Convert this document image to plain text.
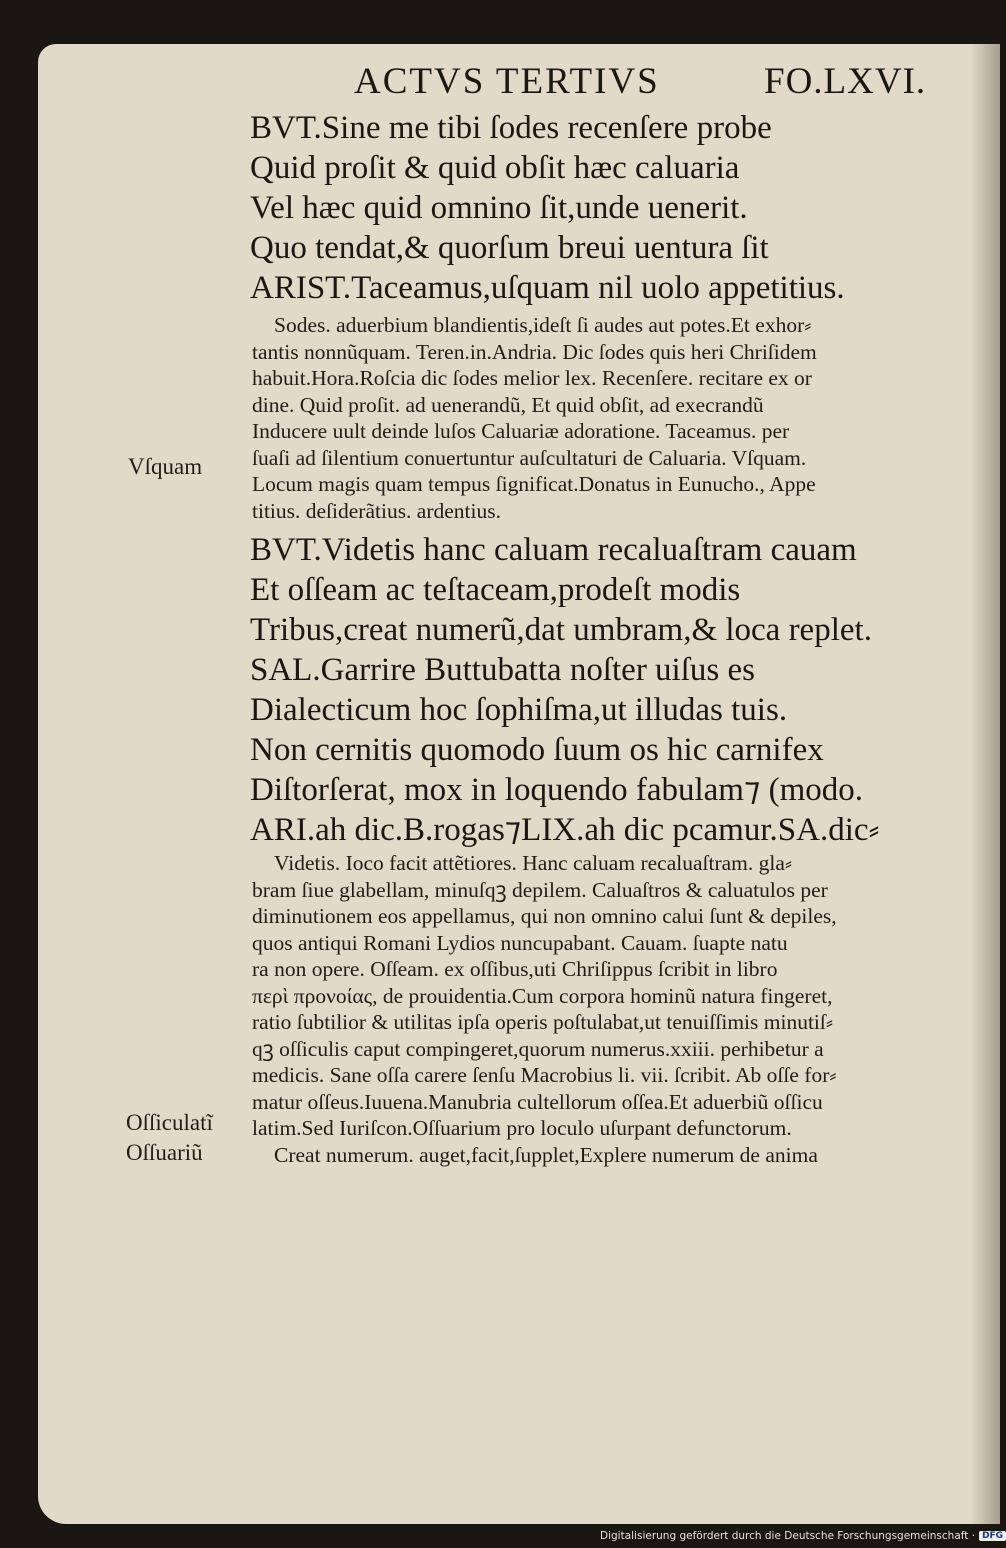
ACTVS TERTIVS	FO.LXVI.
BVT.Sine me tibi ſodes recenſere probe
Quid proſit & quid obſit hæc caluaria
Vel hæc quid omnino ſit,unde uenerit.
Quo tendat,& quorſum breui uentura ſit
ARIST.Taceamus,uſquam nil uolo appetitius.
Sodes. aduerbium blandientis,ideſt ſi audes aut potes.Et exhor⸗
tantis nonnũquam. Teren.in.Andria. Dic ſodes quis heri Chriſidem
habuit.Hora.Roſcia dic ſodes melior lex. Recenſere. recitare ex or
dine. Quid proſit. ad uenerandũ, Et quid obſit, ad execrandũ
Inducere uult deinde luſos Caluariæ adoratione. Taceamus. per
ſuaſi ad ſilentium conuertuntur auſcultaturi de Caluaria. Vſquam.
Locum magis quam tempus ſignificat.Donatus in Eunucho., Appe
titius. deſiderãtius. ardentius.
Vſquam
BVT.Videtis hanc caluam recaluaſtram cauam
Et oſſeam ac teſtaceam,prodeſt modis
Tribus,creat numerũ,dat umbram,& loca replet.
SAL.Garrire Buttubatta noſter uiſus es
Dialecticum hoc ſophiſma,ut illudas tuis.
Non cernitis quomodo ſuum os hic carnifex
Diſtorſerat, mox in loquendo fabulam⁊ (modo.
ARI.ah dic.B.rogas⁊LIX.ah dic pcamur.SA.dic⸗
Videtis. Ioco facit attẽtiores. Hanc caluam recaluaſtram. gla⸗
bram ſiue glabellam, minuſqꝫ depilem. Caluaſtros & caluatulos per
diminutionem eos appellamus, qui non omnino calui ſunt & depiles,
quos antiqui Romani Lydios nuncupabant. Cauam. ſuapte natu
ra non opere. Oſſeam. ex oſſibus,uti Chriſippus ſcribit in libro
περὶ προνοίας, de prouidentia.Cum corpora hominũ natura fingeret,
ratio ſubtilior & utilitas ipſa operis poſtulabat,ut tenuiſſimis minutiſ⸗
qꝫ oſſiculis caput compingeret,quorum numerus.xxiii. perhibetur a
medicis. Sane oſſa carere ſenſu Macrobius li. vii. ſcribit. Ab oſſe for⸗
matur oſſeus.Iuuena.Manubria cultellorum oſſea.Et aduerbiũ oſſicu
latim.Sed Iuriſcon.Oſſuarium pro loculo uſurpant defunctorum.
Creat numerum. auget,facit,ſupplet,Explere numerum de anima
Oſſiculatĩ
Oſſuariũ
Digitalisierung gefördert durch die Deutsche Forschungsgemeinschaft · DFG
